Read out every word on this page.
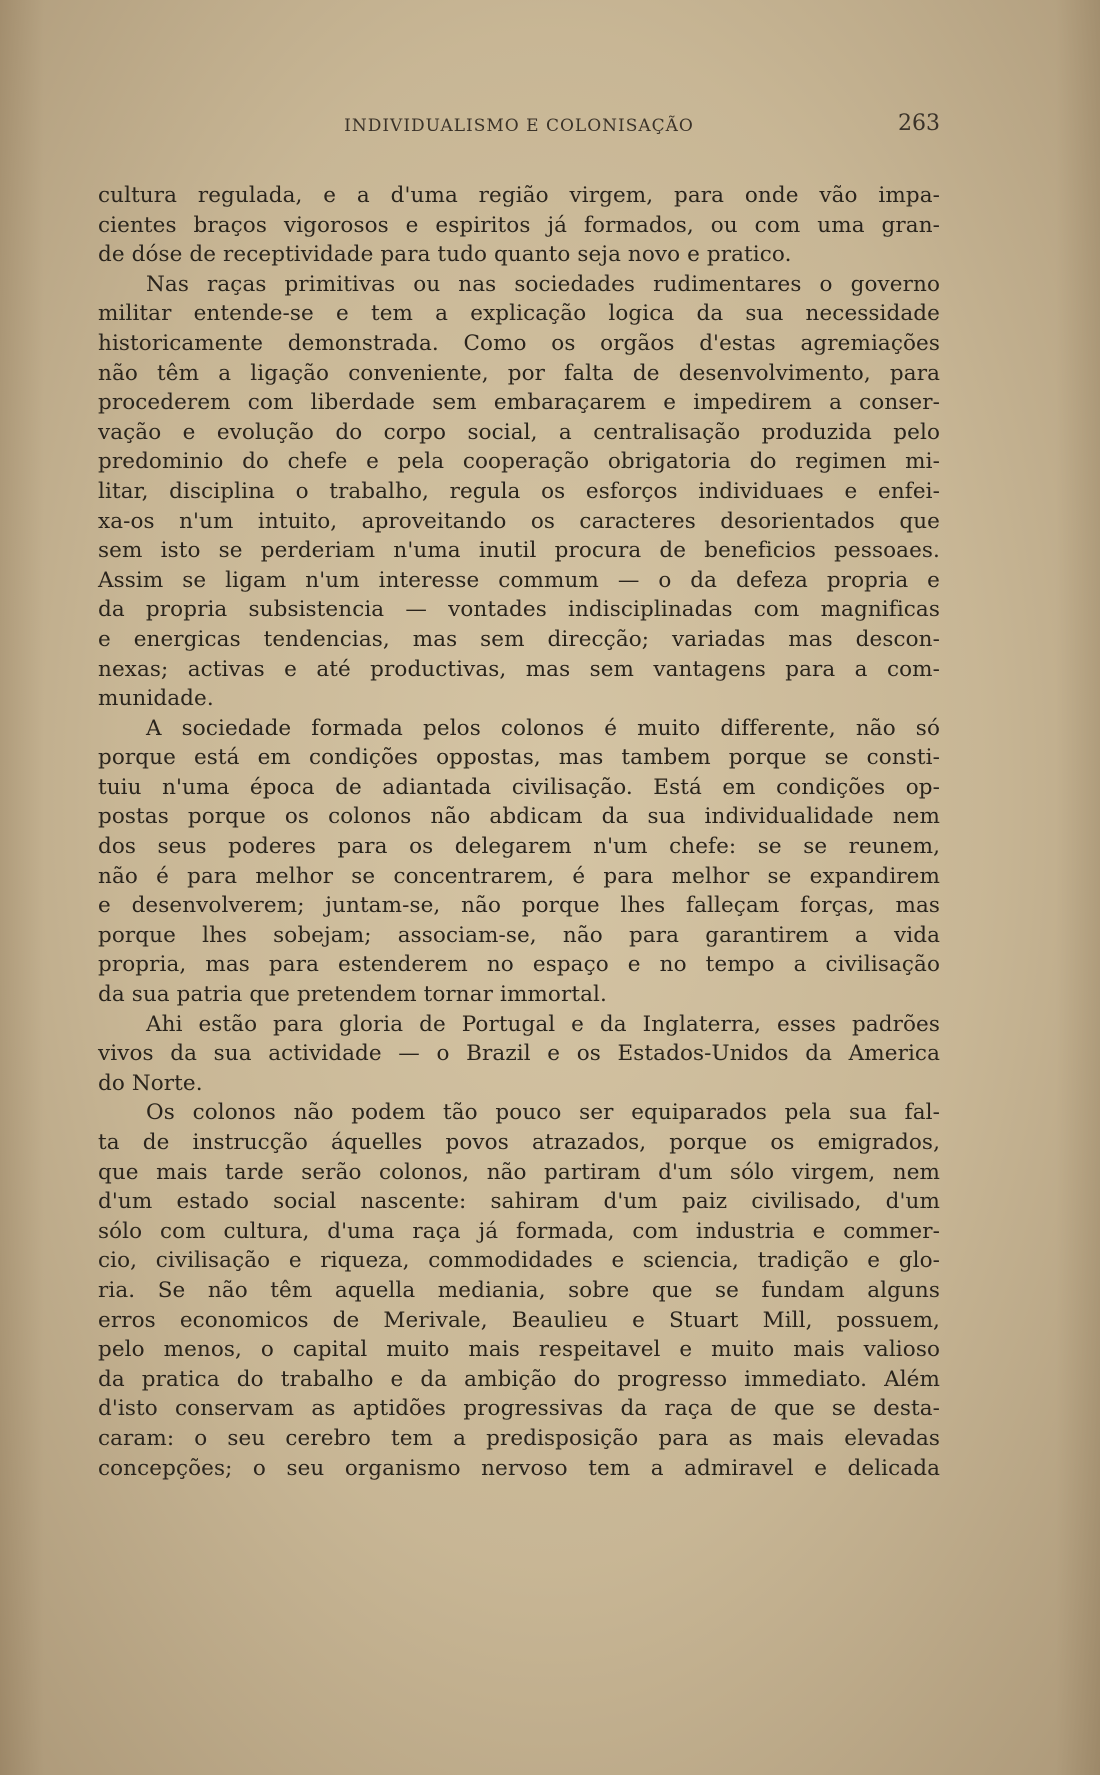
INDIVIDUALISMO E COLONISAÇÃO	263
cultura regulada, e a d'uma região virgem, para onde vão impa-
cientes braços vigorosos e espiritos já formados, ou com uma gran-
de dóse de receptividade para tudo quanto seja novo e pratico.
Nas raças primitivas ou nas sociedades rudimentares o governo
militar entende-se e tem a explicação logica da sua necessidade
historicamente demonstrada. Como os orgãos d'estas agremiações
não têm a ligação conveniente, por falta de desenvolvimento, para
procederem com liberdade sem embaraçarem e impedirem a conser-
vação e evolução do corpo social, a centralisação produzida pelo
predominio do chefe e pela cooperação obrigatoria do regimen mi-
litar, disciplina o trabalho, regula os esforços individuaes e enfei-
xa-os n'um intuito, aproveitando os caracteres desorientados que
sem isto se perderiam n'uma inutil procura de beneficios pessoaes.
Assim se ligam n'um interesse commum — o da defeza propria e
da propria subsistencia — vontades indisciplinadas com magnificas
e energicas tendencias, mas sem direcção; variadas mas descon-
nexas; activas e até productivas, mas sem vantagens para a com-
munidade.
A sociedade formada pelos colonos é muito differente, não só
porque está em condições oppostas, mas tambem porque se consti-
tuiu n'uma época de adiantada civilisação. Está em condições op-
postas porque os colonos não abdicam da sua individualidade nem
dos seus poderes para os delegarem n'um chefe: se se reunem,
não é para melhor se concentrarem, é para melhor se expandirem
e desenvolverem; juntam-se, não porque lhes falleçam forças, mas
porque lhes sobejam; associam-se, não para garantirem a vida
propria, mas para estenderem no espaço e no tempo a civilisação
da sua patria que pretendem tornar immortal.
Ahi estão para gloria de Portugal e da Inglaterra, esses padrões
vivos da sua actividade — o Brazil e os Estados-Unidos da America
do Norte.
Os colonos não podem tão pouco ser equiparados pela sua fal-
ta de instrucção áquelles povos atrazados, porque os emigrados,
que mais tarde serão colonos, não partiram d'um sólo virgem, nem
d'um estado social nascente: sahiram d'um paiz civilisado, d'um
sólo com cultura, d'uma raça já formada, com industria e commer-
cio, civilisação e riqueza, commodidades e sciencia, tradição e glo-
ria. Se não têm aquella mediania, sobre que se fundam alguns
erros economicos de Merivale, Beaulieu e Stuart Mill, possuem,
pelo menos, o capital muito mais respeitavel e muito mais valioso
da pratica do trabalho e da ambição do progresso immediato. Além
d'isto conservam as aptidões progressivas da raça de que se desta-
caram: o seu cerebro tem a predisposição para as mais elevadas
concepções; o seu organismo nervoso tem a admiravel e delicada
